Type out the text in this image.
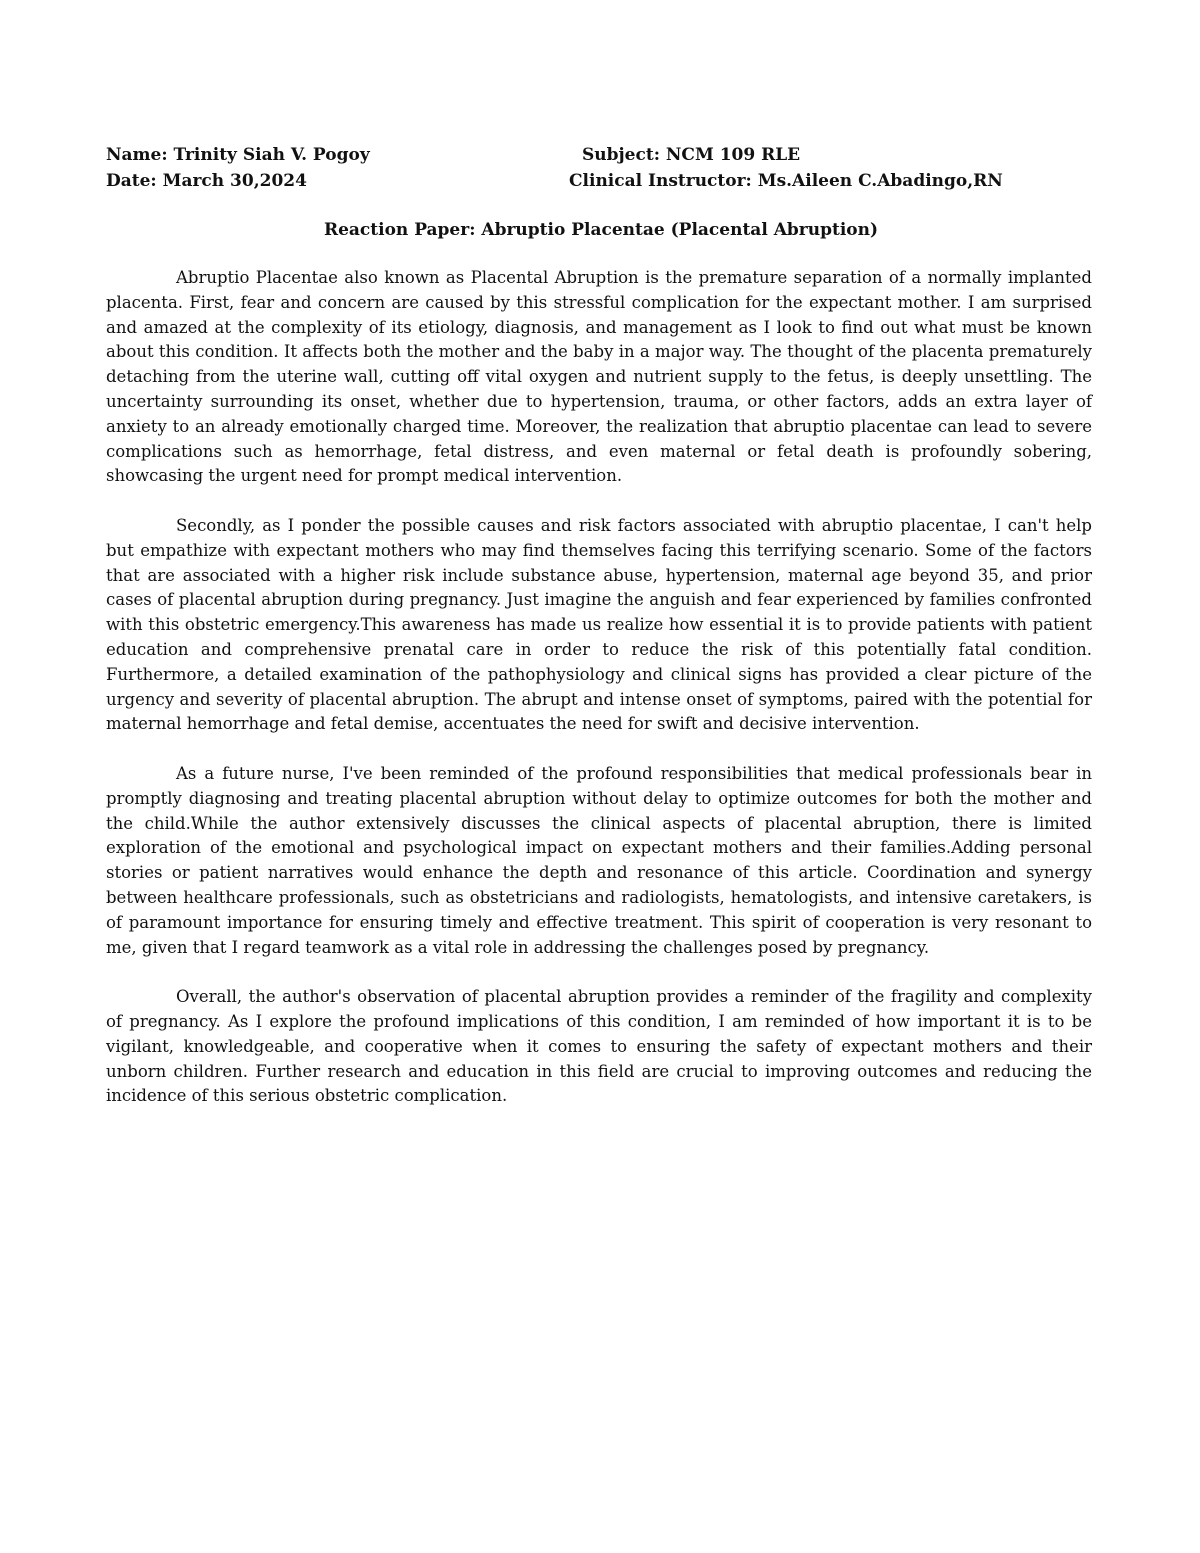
Name: Trinity Siah V. Pogoy	Subject: NCM 109 RLE
Date: March 30,2024	Clinical Instructor: Ms.Aileen C.Abadingo,RN
Reaction Paper: Abruptio Placentae (Placental Abruption)

Abruptio Placentae also known as Placental Abruption is the premature separation of a normally implanted placenta. First, fear and concern are caused by this stressful complication for the expectant mother. I am surprised and amazed at the complexity of its etiology, diagnosis, and management as I look to find out what must be known about this condition. It affects both the mother and the baby in a major way. The thought of the placenta prematurely detaching from the uterine wall, cutting off vital oxygen and nutrient supply to the fetus, is deeply unsettling. The uncertainty surrounding its onset, whether due to hypertension, trauma, or other factors, adds an extra layer of anxiety to an already emotionally charged time. Moreover, the realization that abruptio placentae can lead to severe complications such as hemorrhage, fetal distress, and even maternal or fetal death is profoundly sobering, showcasing the urgent need for prompt medical intervention.

Secondly, as I ponder the possible causes and risk factors associated with abruptio placentae, I can't help but empathize with expectant mothers who may find themselves facing this terrifying scenario. Some of the factors that are associated with a higher risk include substance abuse, hypertension, maternal age beyond 35, and prior cases of placental abruption during pregnancy. Just imagine the anguish and fear experienced by families confronted with this obstetric emergency.This awareness has made us realize how essential it is to provide patients with patient education and comprehensive prenatal care in order to reduce the risk of this potentially fatal condition. Furthermore, a detailed examination of the pathophysiology and clinical signs has provided a clear picture of the urgency and severity of placental abruption. The abrupt and intense onset of symptoms, paired with the potential for maternal hemorrhage and fetal demise, accentuates the need for swift and decisive intervention.

As a future nurse, I've been reminded of the profound responsibilities that medical professionals bear in promptly diagnosing and treating placental abruption without delay to optimize outcomes for both the mother and the child.While the author extensively discusses the clinical aspects of placental abruption, there is limited exploration of the emotional and psychological impact on expectant mothers and their families.Adding personal stories or patient narratives would enhance the depth and resonance of this article. Coordination and synergy between healthcare professionals, such as obstetricians and radiologists, hematologists, and intensive caretakers, is of paramount importance for ensuring timely and effective treatment. This spirit of cooperation is very resonant to me, given that I regard teamwork as a vital role in addressing the challenges posed by pregnancy.

Overall, the author's observation of placental abruption provides a reminder of the fragility and complexity of pregnancy. As I explore the profound implications of this condition, I am reminded of how important it is to be vigilant, knowledgeable, and cooperative when it comes to ensuring the safety of expectant mothers and their unborn children. Further research and education in this field are crucial to improving outcomes and reducing the incidence of this serious obstetric complication.
